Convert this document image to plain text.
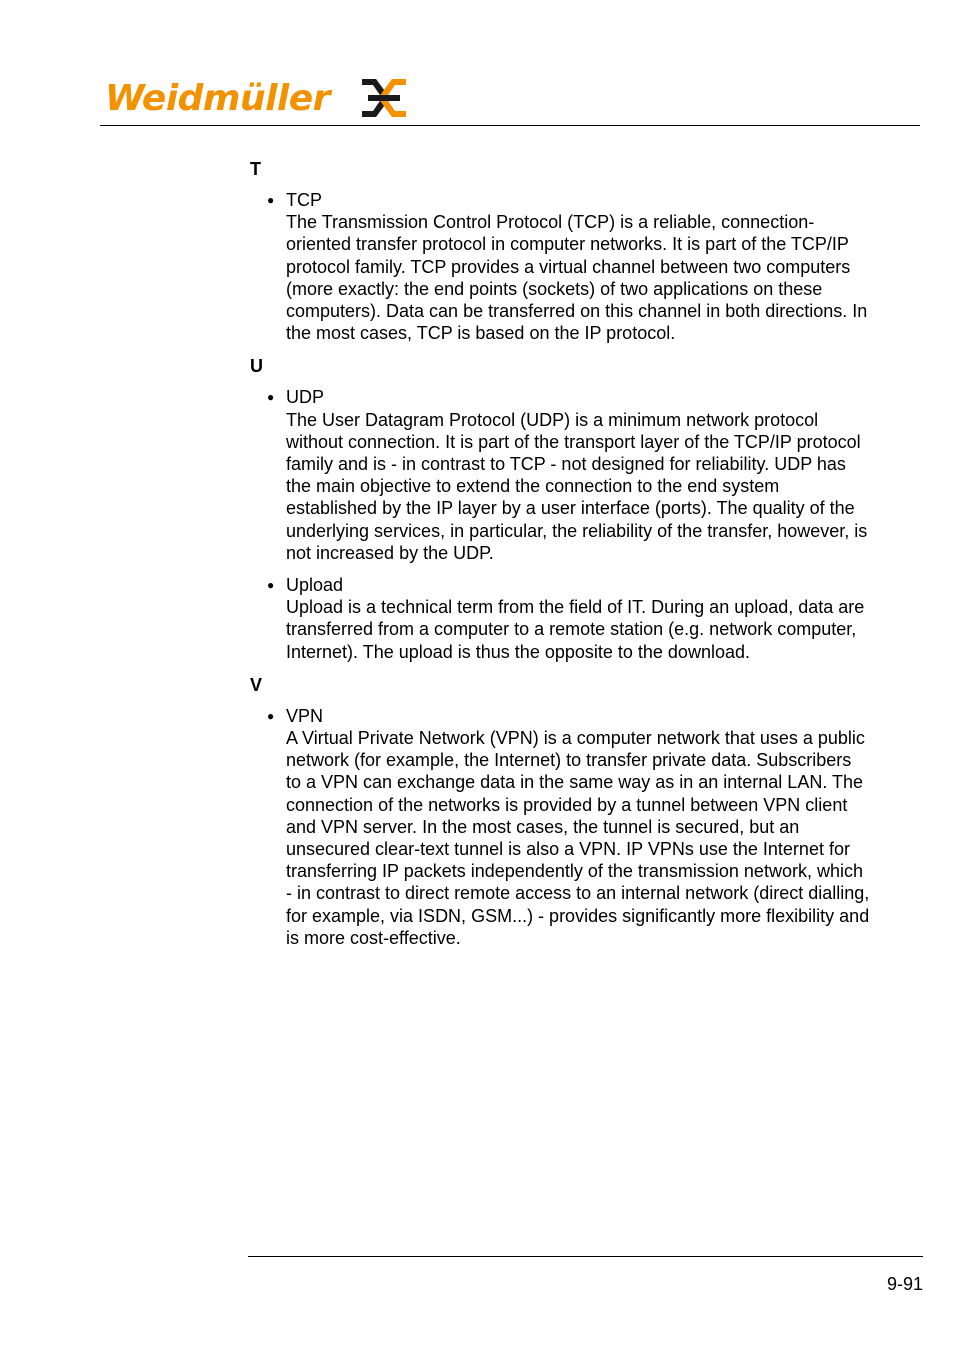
Weidmüller
T
● TCP

The Transmission Control Protocol (TCP) is a reliable, connection-oriented transfer protocol in computer networks. It is part of the TCP/IP protocol family. TCP provides a virtual channel between two computers (more exactly: the end points (sockets) of two applications on these computers). Data can be transferred on this channel in both directions. In the most cases, TCP is based on the IP protocol.

U
● UDP

The User Datagram Protocol (UDP) is a minimum network protocol without connection. It is part of the transport layer of the TCP/IP protocol family and is - in contrast to TCP - not designed for reliability. UDP has the main objective to extend the connection to the end system established by the IP layer by a user interface (ports). The quality of the underlying services, in particular, the reliability of the transfer, however, is not increased by the UDP.

● Upload

Upload is a technical term from the field of IT. During an upload, data are transferred from a computer to a remote station (e.g. network computer, Internet). The upload is thus the opposite to the download.

V
● VPN

A Virtual Private Network (VPN) is a computer network that uses a public network (for example, the Internet) to transfer private data. Subscribers to a VPN can exchange data in the same way as in an internal LAN. The connection of the networks is provided by a tunnel between VPN client and VPN server. In the most cases, the tunnel is secured, but an unsecured clear-text tunnel is also a VPN. IP VPNs use the Internet for transferring IP packets independently of the transmission network, which - in contrast to direct remote access to an internal network (direct dialling, for example, via ISDN, GSM...) - provides significantly more flexibility and is more cost-effective.

9-91
